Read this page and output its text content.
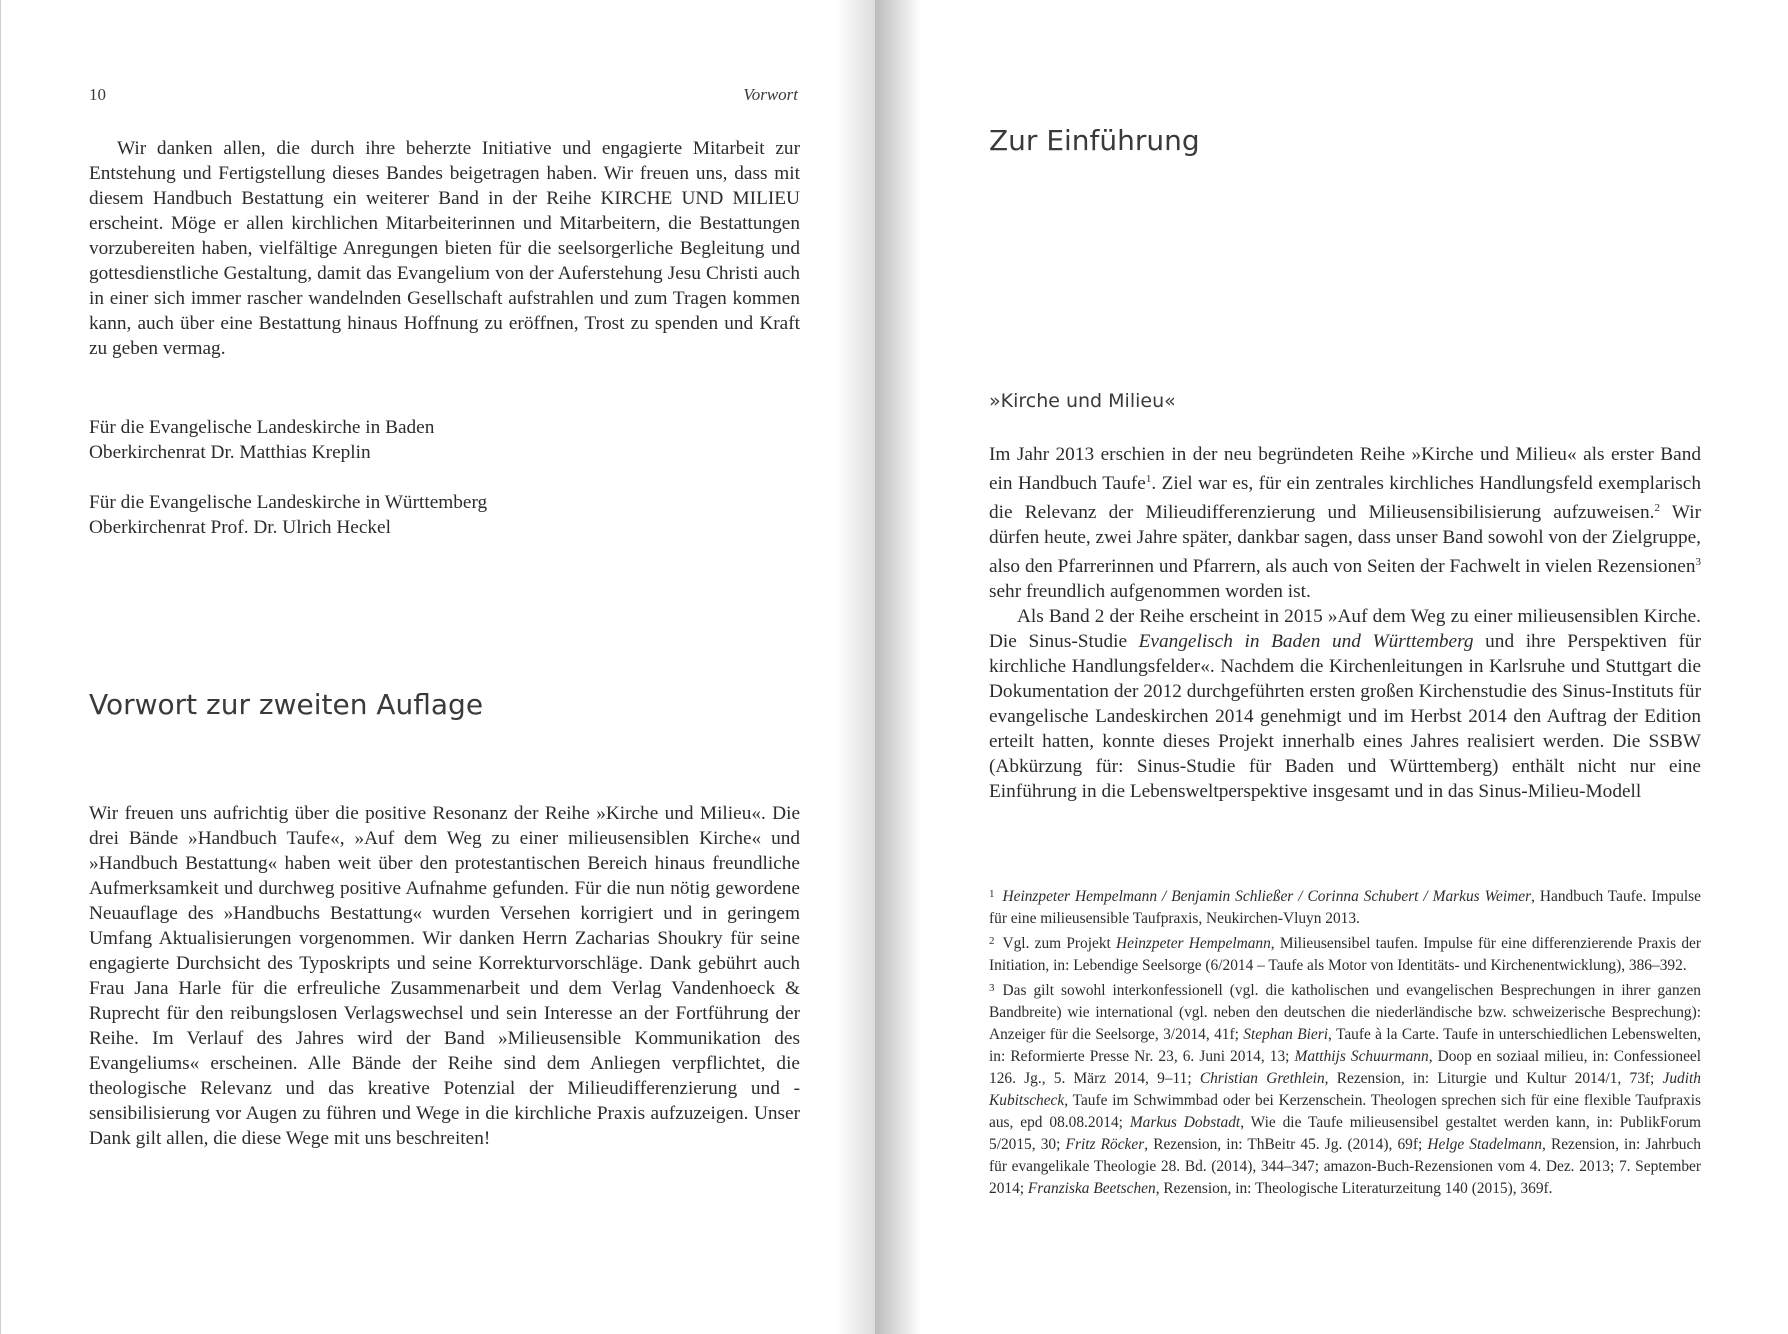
10	Vorwort

Wir danken allen, die durch ihre beherzte Initiative und engagierte Mitarbeit zur Entstehung und Fertigstellung dieses Bandes beigetragen haben. Wir freuen uns, dass mit diesem Handbuch Bestattung ein weiterer Band in der Reihe KIRCHE UND MILIEU erscheint. Möge er allen kirchlichen Mitarbeiterinnen und Mitarbeitern, die Bestattungen vorzubereiten haben, vielfältige Anregungen bieten für die seelsorgerliche Begleitung und gottesdienstliche Gestaltung, damit das Evangelium von der Auferstehung Jesu Christi auch in einer sich immer rascher wandelnden Gesellschaft aufstrahlen und zum Tragen kommen kann, auch über eine Bestattung hinaus Hoffnung zu eröffnen, Trost zu spenden und Kraft zu geben vermag.

Für die Evangelische Landeskirche in Baden
Oberkirchenrat Dr. Matthias Kreplin
Für die Evangelische Landeskirche in Württemberg
Oberkirchenrat Prof. Dr. Ulrich Heckel
Vorwort zur zweiten Auflage

Wir freuen uns aufrichtig über die positive Resonanz der Reihe »Kirche und Milieu«. Die drei Bände »Handbuch Taufe«, »Auf dem Weg zu einer milieusensiblen Kirche« und »Handbuch Bestattung« haben weit über den protestantischen Bereich hinaus freundliche Aufmerksamkeit und durchweg positive Aufnahme gefunden. Für die nun nötig gewordene Neuauflage des »Handbuchs Bestattung« wurden Versehen korrigiert und in geringem Umfang Aktualisierungen vorgenommen. Wir danken Herrn Zacharias Shoukry für seine engagierte Durchsicht des Typoskripts und seine Korrekturvorschläge. Dank gebührt auch Frau Jana Harle für die erfreuliche Zusammenarbeit und dem Verlag Vandenhoeck & Ruprecht für den reibungslosen Verlagswechsel und sein Interesse an der Fortführung der Reihe. Im Verlauf des Jahres wird der Band »Milieusensible Kommunikation des Evangeliums« erscheinen. Alle Bände der Reihe sind dem Anliegen verpflichtet, die theologische Relevanz und das kreative Potenzial der Milieudifferenzierung und -sensibilisierung vor Augen zu führen und Wege in die kirchliche Praxis aufzuzeigen. Unser Dank gilt allen, die diese Wege mit uns beschreiten!

Zur Einführung
»Kirche und Milieu«

Im Jahr 2013 erschien in der neu begründeten Reihe »Kirche und Milieu« als erster Band ein Handbuch Taufe$^1$. Ziel war es, für ein zentrales kirchliches Handlungsfeld exemplarisch die Relevanz der Milieudifferenzierung und Milieusensibilisierung aufzuweisen.$^2$ Wir dürfen heute, zwei Jahre später, dankbar sagen, dass unser Band sowohl von der Zielgruppe, also den Pfarrerinnen und Pfarrern, als auch von Seiten der Fachwelt in vielen Rezensionen$^3$ sehr freundlich aufgenommen worden ist.

Als Band 2 der Reihe erscheint in 2015 »Auf dem Weg zu einer milieusensiblen Kirche. Die Sinus-Studie Evangelisch in Baden und Württemberg und ihre Perspektiven für kirchliche Handlungsfelder«. Nachdem die Kirchenleitungen in Karlsruhe und Stuttgart die Dokumentation der 2012 durchgeführten ersten großen Kirchenstudie des Sinus-Instituts für evangelische Landeskirchen 2014 genehmigt und im Herbst 2014 den Auftrag der Edition erteilt hatten, konnte dieses Projekt innerhalb eines Jahres realisiert werden. Die SSBW (Abkürzung für: Sinus-Studie für Baden und Württemberg) enthält nicht nur eine Einführung in die Lebensweltperspektive insgesamt und in das Sinus-Milieu-Modell

$^1$ Heinzpeter Hempelmann / Benjamin Schließer / Corinna Schubert / Markus Weimer, Handbuch Taufe. Impulse für eine milieusensible Taufpraxis, Neukirchen-Vluyn 2013.

$^2$ Vgl. zum Projekt Heinzpeter Hempelmann, Milieusensibel taufen. Impulse für eine differenzierende Praxis der Initiation, in: Lebendige Seelsorge (6/2014 – Taufe als Motor von Identitäts- und Kirchenentwicklung), 386–392.

$^3$ Das gilt sowohl interkonfessionell (vgl. die katholischen und evangelischen Besprechungen in ihrer ganzen Bandbreite) wie international (vgl. neben den deutschen die niederländische bzw. schweizerische Besprechung): Anzeiger für die Seelsorge, 3/2014, 41f; Stephan Bieri, Taufe à la Carte. Taufe in unterschiedlichen Lebenswelten, in: Reformierte Presse Nr. 23, 6. Juni 2014, 13; Matthijs Schuurmann, Doop en soziaal milieu, in: Confessioneel 126. Jg., 5. März 2014, 9–11; Christian Grethlein, Rezension, in: Liturgie und Kultur 2014/1, 73f; Judith Kubitscheck, Taufe im Schwimmbad oder bei Kerzenschein. Theologen sprechen sich für eine flexible Taufpraxis aus, epd 08.08.2014; Markus Dobstadt, Wie die Taufe milieusensibel gestaltet werden kann, in: PublikForum 5/2015, 30; Fritz Röcker, Rezension, in: ThBeitr 45. Jg. (2014), 69f; Helge Stadelmann, Rezension, in: Jahrbuch für evangelikale Theologie 28. Bd. (2014), 344–347; amazon-Buch-Rezensionen vom 4. Dez. 2013; 7. September 2014; Franziska Beetschen, Rezension, in: Theologische Literaturzeitung 140 (2015), 369f.
